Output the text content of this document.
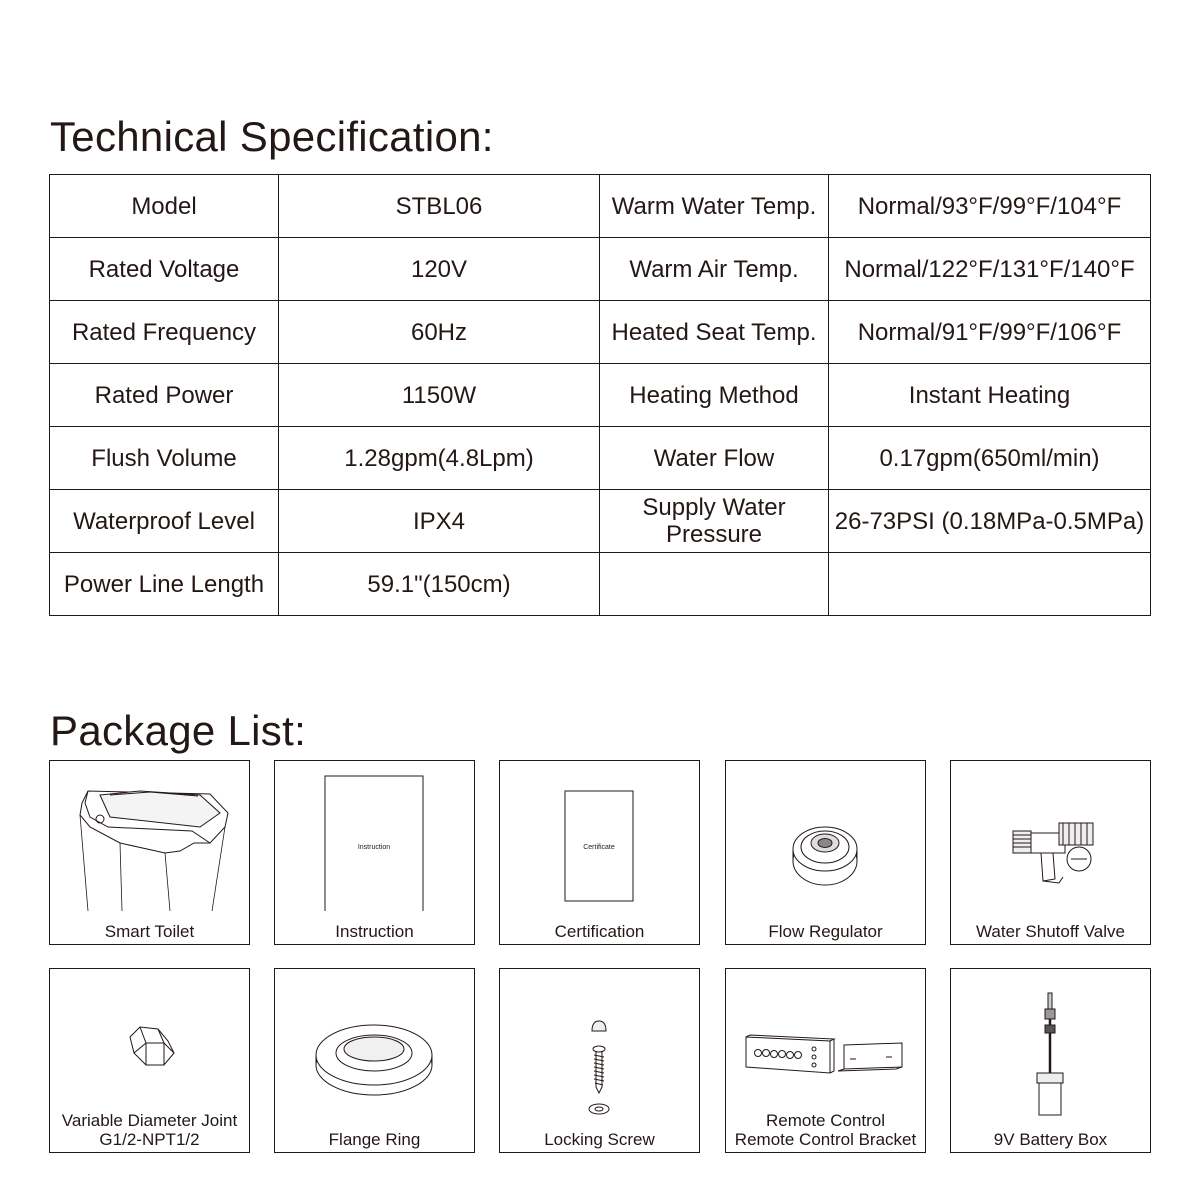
Technical Specification:
Model	STBL06	Warm Water Temp.	Normal/93°F/99°F/104°F
Rated Voltage	120V	Warm Air Temp.	Normal/122°F/131°F/140°F
Rated Frequency	60Hz	Heated Seat Temp.	Normal/91°F/99°F/106°F
Rated Power	1150W	Heating Method	Instant Heating
Flush Volume	1.28gpm(4.8Lpm)	Water Flow	0.17gpm(650ml/min)
Waterproof Level	IPX4	Supply Water Pressure	26-73PSI (0.18MPa-0.5MPa)
Power Line Length	59.1"(150cm)		
Package List:
Smart Toilet
Instruction
Instruction
Certificate
Certification	Flow Regulator	Water Shutoff Valve
Variable Diameter Joint
G1/2-NPT1/2	Flange Ring	Locking Screw
Remote Control
Remote Control Bracket	9V Battery Box
